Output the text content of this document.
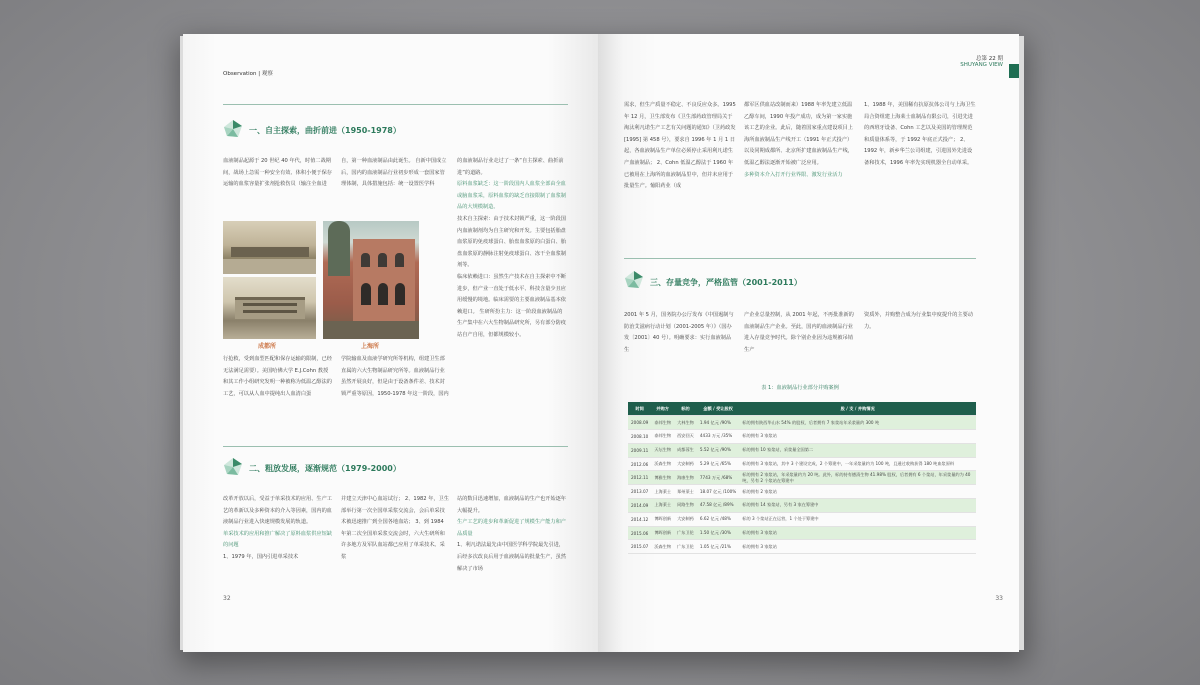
Observation | 观察
一、自主探索，曲折前进（1950-1978）
血液制品起源于 20 世纪 40 年代，时值二战期间，战场上急需一种安全有效、体积小便于保存运输的血浆容量扩张剂抢救伤员（输注全血进
自，第一种血液制品由此诞生。 自新中国成立后，国内的血液制品行业初步形成一套国家管理体制，具体措施包括：统一设置医学科
的血液制品行业走过了一条“自主探索、曲折前进”的道路。
原料血浆缺乏：这一阶段国内人血浆全部由全血或脑血浆采，原料血浆的缺乏直接限制了血浆制品的大规模制造。
技术自主探索：由于技术封锁严重，这一阶段国内血液制剂均为自主研究和开发。主要包括胎盘血浆原的免疫球蛋白、胎盘血浆原的白蛋白、胎盘血浆原的静脉注射免疫球蛋白、冻干全血浆制剂等。
临床依赖进口：虽然生产技术在自主探索中不断进步，但产业一直处于低水平、科技含量少且应用缓慢的境地。临床需要的主要血液制品基本依赖进口。 生研所扮主力：这一阶段血液制品的生产集中在六大生物制品研究所，另有部分防疫站自产自用，但都规模较小。
成都所	上海所
行抢救，受到血型匹配和保存运输的限制，已经无法满足需要）。美国哈佛大学 E.J.Cohn 教授和其工作小组研究发明一种被称为低温乙醇法的工艺，可以从人血中提纯出人血清白蛋
学院输血及血液学研究所等机构，组建卫生部直属的六大生物制品研究所等。血液制品行业虽然开展良好，但是由于设备条件差、技术封锁严重等原因，1950-1978 年这一阶段，国内
二、粗放发展，逐渐规范（1979-2000）
改革开放以后，受益于单采技术的应用、生产工艺的革新以及多种资本的介入等因素，国内的血液制品行业进入快速规模发展的轨道。
单采技术的应用和推广解决了原料血浆供应短缺的问题
1、1979 年，国内引进单采技术
并建立天津中心血站试行； 2、1982 年，卫生部举行第一次全国单采浆交流会，会后单采技术被迅速推广到全国各地血站； 3、到 1984 年第二次全国单采浆交流会时，六大生研所和许多地方及军队血站都已应用了单采技术。采浆
站的数目迅速增加，血液制品的生产也开始逐年大幅提升。
生产工艺的进步和革新促进了规模生产能力和产品质量
1、利凡诺法最先由中国医学科学院最先引进，后经多次改良后用于血液制品的批量生产，虽然解决了市场
32
总第 22 期
SHUYANG VIEW
需求，但生产质量不稳定、不良反应众多。1995 年 12 月，卫生部发布《卫生部药政管理局关于淘汰利凡诺生产工艺有关问题的通知》（卫药政发[1995] 第 458 号），要求自 1996 年 1 月 1 日起，各血液制品生产单位必须停止采用利凡诺生产血液制品； 2、Cohn 低温乙醇法于 1960 年已被用在上海所的血液制品里中，但并未应用于批量生产。葡阳药业（成
都军区供血站改制而来）1988 年率先建立低温乙醇车间，1990 年投产成功，成为第一家实施该工艺的企业。此后，随着国家重点建设项目上海所血液制品生产线开工（1991 年正式投产）以及同期成都所、北京所扩建血液制品生产线，低温乙醇法逐渐开始被广泛应用。
多种资本介入打开行业界限、激发行业活力
1、1988 年，美国稀有抗原抗体公司与上海卫生局合资组建上海莱士血制品有限公司，引进先进的西班牙设备、Cohn 工艺以及美国的管理规范和质量体系等，于 1992 年底正式投产； 2、1992 年，新乡华兰公司组建，引进国外先进设备和技术，1996 年率先实现机器全自动单采。
三、存量竞争，严格监管（2001-2011）
2001 年 5 月，国务院办公厅发布《中国遏制与防治艾滋病行动计划（2001-2005 年）》（国办发〔2001〕40 号）。明确要求：实行血液制品生
产企业总量控制，从 2001 年起，不再批准新的血液制品生产企业。至此，国内的血液制品行业进入存量竞争时代。除个别企业因为违规被吊销生产
资质外，并购整合成为行业集中度提升的主要动力。
表 1：血液制品行业部分并购案例
时间	并购方	标的	金额 / 受让股权	股 / 支 / 并购情况
2008.09	泰邦生物	大林生物	1.94 亿元 /90%	标的拥有陕西华山水 54% 的股权，后者拥有 7 家浆站年采浆量约 300 吨
2008.10	泰邦生物	西安回天	4433 万元 /35%	标的拥有 3 家浆站
2009.11	天坛生物	成都蓉生	5.52 亿元 /90%	标的拥有 10 家浆站，采浆量全国第二
2012.06	沃森生物	大安制药	5.29 亿元 /65%	标的拥有 3 家浆站，其中 3 个建设完成，2 个筹建中，一年采浆量约为 100 吨，且通过收购获得 180 吨血浆原料
2012.11	博雅生物	海康生物	7743 万元 /68%	标的拥有 2 家浆站，年采浆量约为 20 吨。此外，标的持有德清生物 41.98% 股权，后者拥有 6 个浆站，年采浆量约为 40 吨，另有 2 个浆站在筹建中
2013.07	上海莱士	郑州莱士	18.07 亿元 /100%	标的拥有 2 家浆站
2014.09	上海莱士	同路生物	47.58 亿元 /89%	标的拥有 14 家浆站，另有 3 家在筹建中
2014.12	博晖创新	大安制药	6.62 亿元 /48%	标的 3 个浆站正在运营，1 个处于筹建中
2015.06	博晖创新	广东卫伦	1.50 亿元 /30%	标的拥有 3 家浆站
2015.07	沃森生物	广东卫伦	1.05 亿元 /21%	标的拥有 3 家浆站
33
